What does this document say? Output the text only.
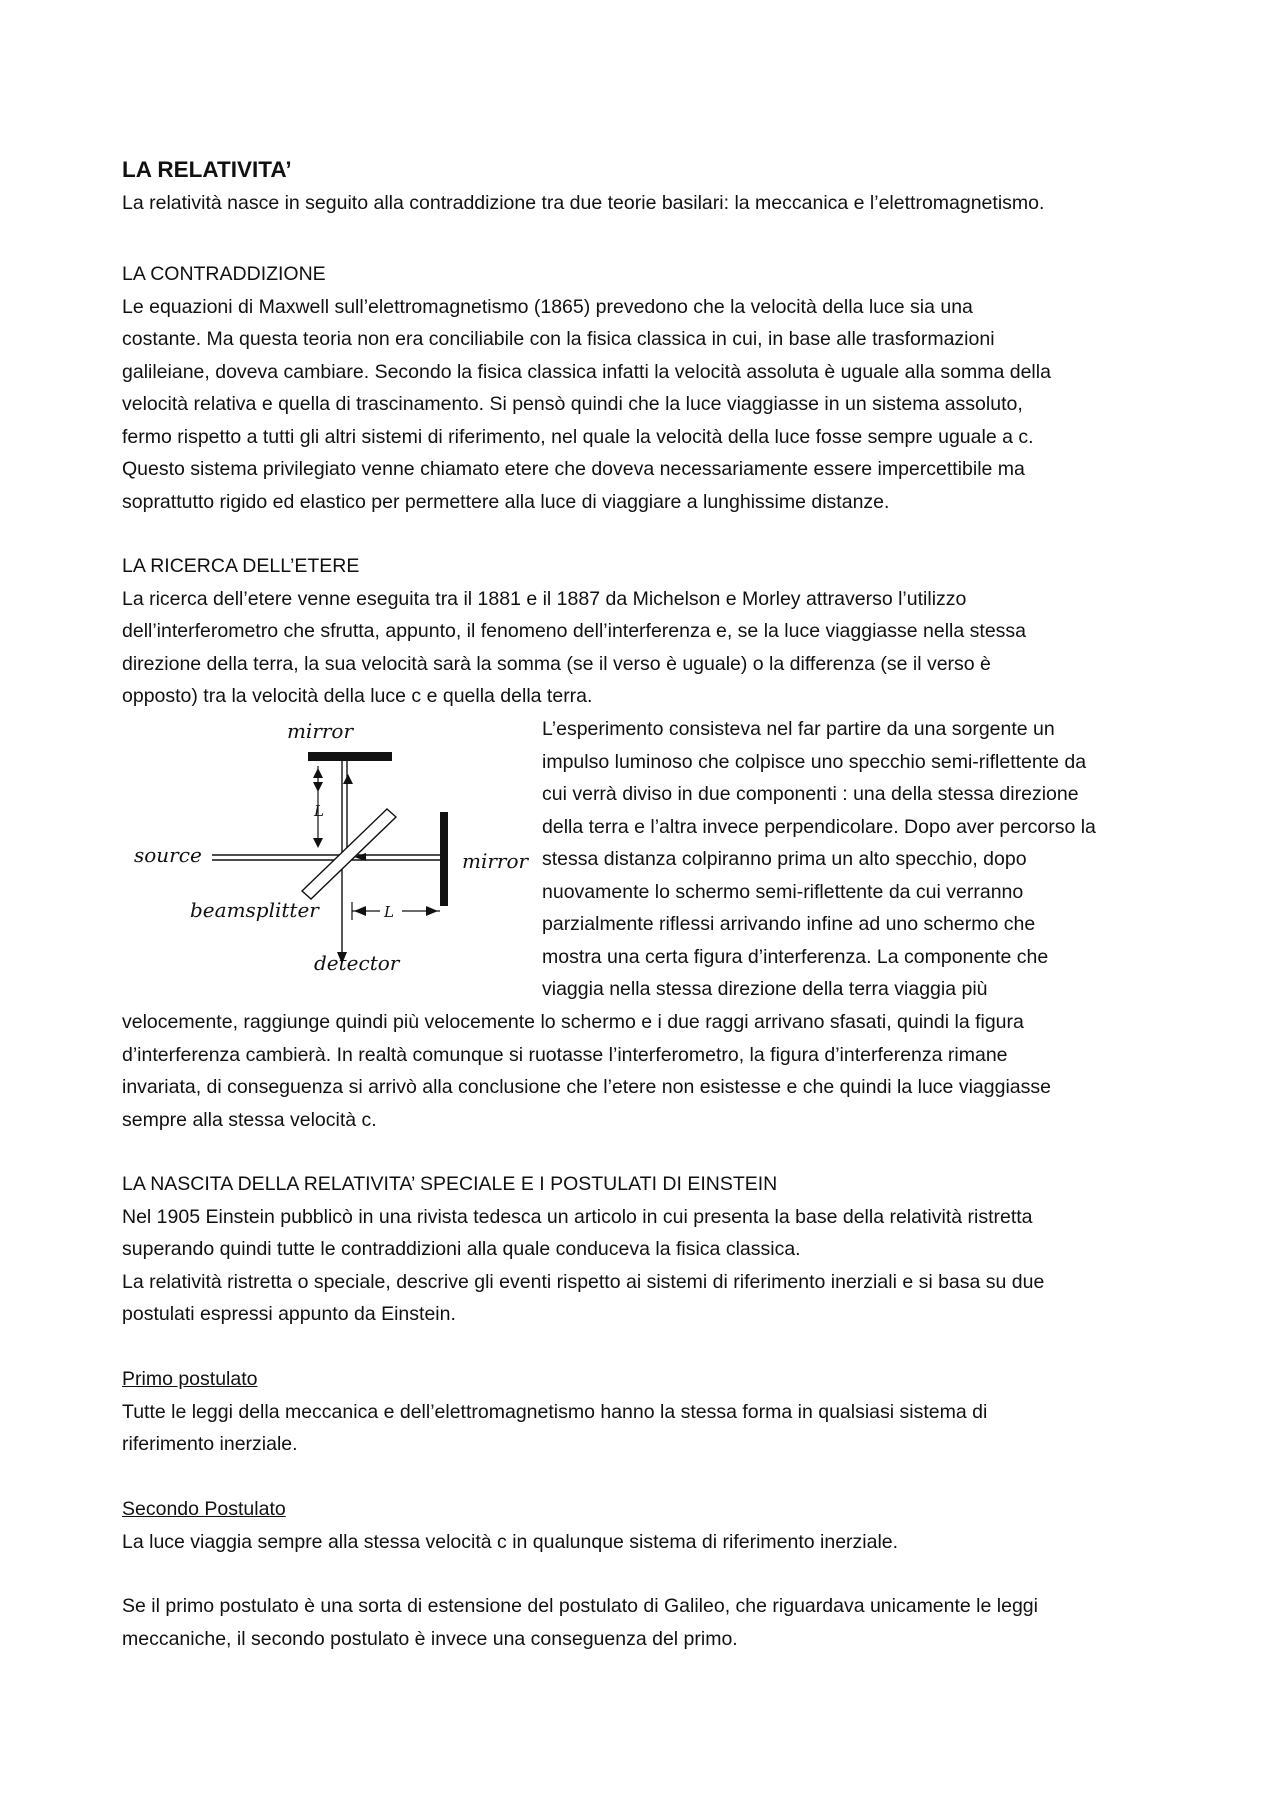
LA RELATIVITA’
La relatività nasce in seguito alla contraddizione tra due teorie basilari: la meccanica e l’elettromagnetismo.
LA CONTRADDIZIONE
Le equazioni di Maxwell sull’elettromagnetismo (1865) prevedono che la velocità della luce sia una
costante. Ma questa teoria non era conciliabile con la fisica classica in cui, in base alle trasformazioni
galileiane, doveva cambiare. Secondo la fisica classica infatti la velocità assoluta è uguale alla somma della
velocità relativa e quella di trascinamento. Si pensò quindi che la luce viaggiasse in un sistema assoluto,
fermo rispetto a tutti gli altri sistemi di riferimento, nel quale la velocità della luce fosse sempre uguale a c.
Questo sistema privilegiato venne chiamato etere che doveva necessariamente essere impercettibile ma
soprattutto rigido ed elastico per permettere alla luce di viaggiare a lunghissime distanze.
LA RICERCA DELL’ETERE
La ricerca dell’etere venne eseguita tra il 1881 e il 1887 da Michelson e Morley attraverso l’utilizzo
dell’interferometro che sfrutta, appunto, il fenomeno dell’interferenza e, se la luce viaggiasse nella stessa
direzione della terra, la sua velocità sarà la somma (se il verso è uguale) o la differenza (se il verso è
opposto) tra la velocità della luce c e quella della terra.
mirror
mirror
source
L
L
beamsplitter
detector
L’esperimento consisteva nel far partire da una sorgente un
impulso luminoso che colpisce uno specchio semi-riflettente da
cui verrà diviso in due componenti : una della stessa direzione
della terra e l’altra invece perpendicolare. Dopo aver percorso la
stessa distanza colpiranno prima un alto specchio, dopo
nuovamente lo schermo semi-riflettente da cui verranno
parzialmente riflessi arrivando infine ad uno schermo che
mostra una certa figura d’interferenza. La componente che
viaggia nella stessa direzione della terra viaggia più
velocemente, raggiunge quindi più velocemente lo schermo e i due raggi arrivano sfasati, quindi la figura
d’interferenza cambierà. In realtà comunque si ruotasse l’interferometro, la figura d’interferenza rimane
invariata, di conseguenza si arrivò alla conclusione che l’etere non esistesse e che quindi la luce viaggiasse
sempre alla stessa velocità c.
LA NASCITA DELLA RELATIVITA’ SPECIALE E I POSTULATI DI EINSTEIN
Nel 1905 Einstein pubblicò in una rivista tedesca un articolo in cui presenta la base della relatività ristretta
superando quindi tutte le contraddizioni alla quale conduceva la fisica classica.
La relatività ristretta o speciale, descrive gli eventi rispetto ai sistemi di riferimento inerziali e si basa su due
postulati espressi appunto da Einstein.
Primo postulato
Tutte le leggi della meccanica e dell’elettromagnetismo hanno la stessa forma in qualsiasi sistema di
riferimento inerziale.
Secondo Postulato
La luce viaggia sempre alla stessa velocità c in qualunque sistema di riferimento inerziale.
Se il primo postulato è una sorta di estensione del postulato di Galileo, che riguardava unicamente le leggi
meccaniche, il secondo postulato è invece una conseguenza del primo.
